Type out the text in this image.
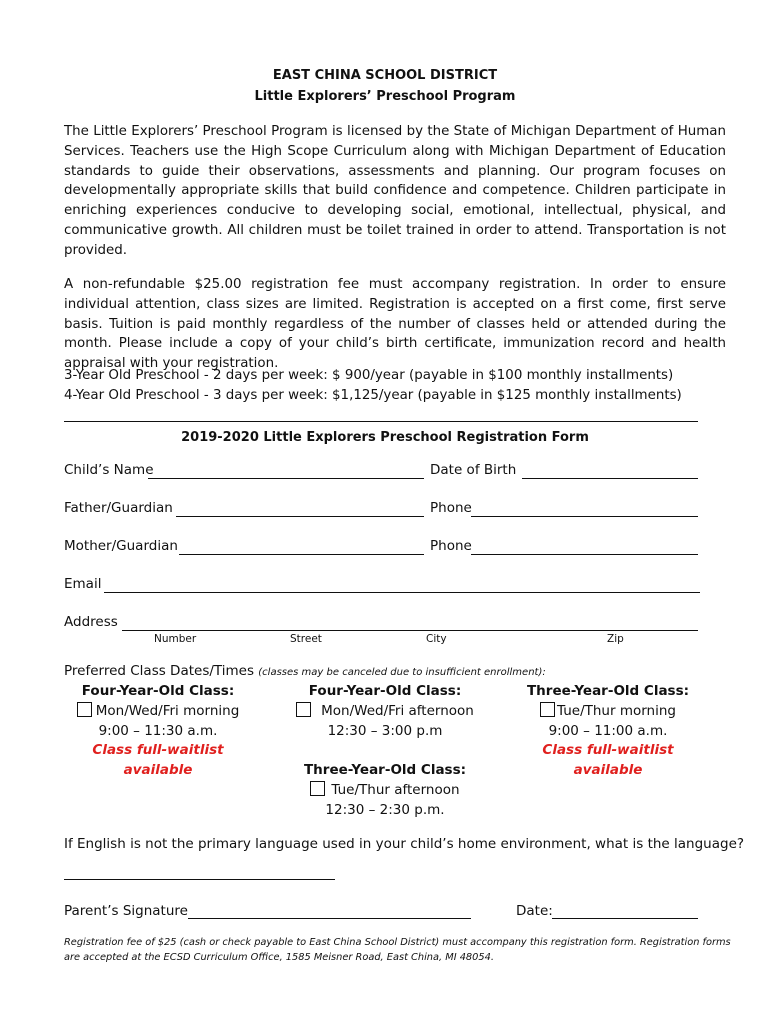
EAST CHINA SCHOOL DISTRICT
Little Explorers’ Preschool Program
The Little Explorers’ Preschool Program is licensed by the State of Michigan Department of Human Services. Teachers use the High Scope Curriculum along with Michigan Department of Education standards to guide their observations, assessments and planning. Our program focuses on developmentally appropriate skills that build confidence and competence. Children participate in enriching experiences conducive to developing social, emotional, intellectual, physical, and communicative growth. All children must be toilet trained in order to attend. Transportation is not provided.
A non-refundable $25.00 registration fee must accompany registration. In order to ensure individual attention, class sizes are limited. Registration is accepted on a first come, first serve basis. Tuition is paid monthly regardless of the number of classes held or attended during the month. Please include a copy of your child’s birth certificate, immunization record and health appraisal with your registration.
3-Year Old Preschool - 2 days per week: $ 900/year (payable in $100 monthly installments)
4-Year Old Preschool - 3 days per week: $1,125/year (payable in $125 monthly installments)
2019-2020 Little Explorers Preschool Registration Form
Child’s Name	Date of Birth
Father/Guardian	Phone
Mother/Guardian	Phone
Email
Address
Number	Street	City	Zip
Preferred Class Dates/Times (classes may be canceled due to insufficient enrollment):
Four-Year-Old Class:
Mon/Wed/Fri morning
9:00 – 11:30 a.m.
Class full-waitlist available
Four-Year-Old Class:
Mon/Wed/Fri afternoon
12:30 – 3:00 p.m
Three-Year-Old Class:
Tue/Thur morning
9:00 – 11:00 a.m.
Class full-waitlist available
Three-Year-Old Class:
Tue/Thur afternoon
12:30 – 2:30 p.m.
If English is not the primary language used in your child’s home environment, what is the language?
Parent’s Signature	Date:
Registration fee of $25 (cash or check payable to East China School District) must accompany this registration form. Registration forms are accepted at the ECSD Curriculum Office, 1585 Meisner Road, East China, MI 48054.
